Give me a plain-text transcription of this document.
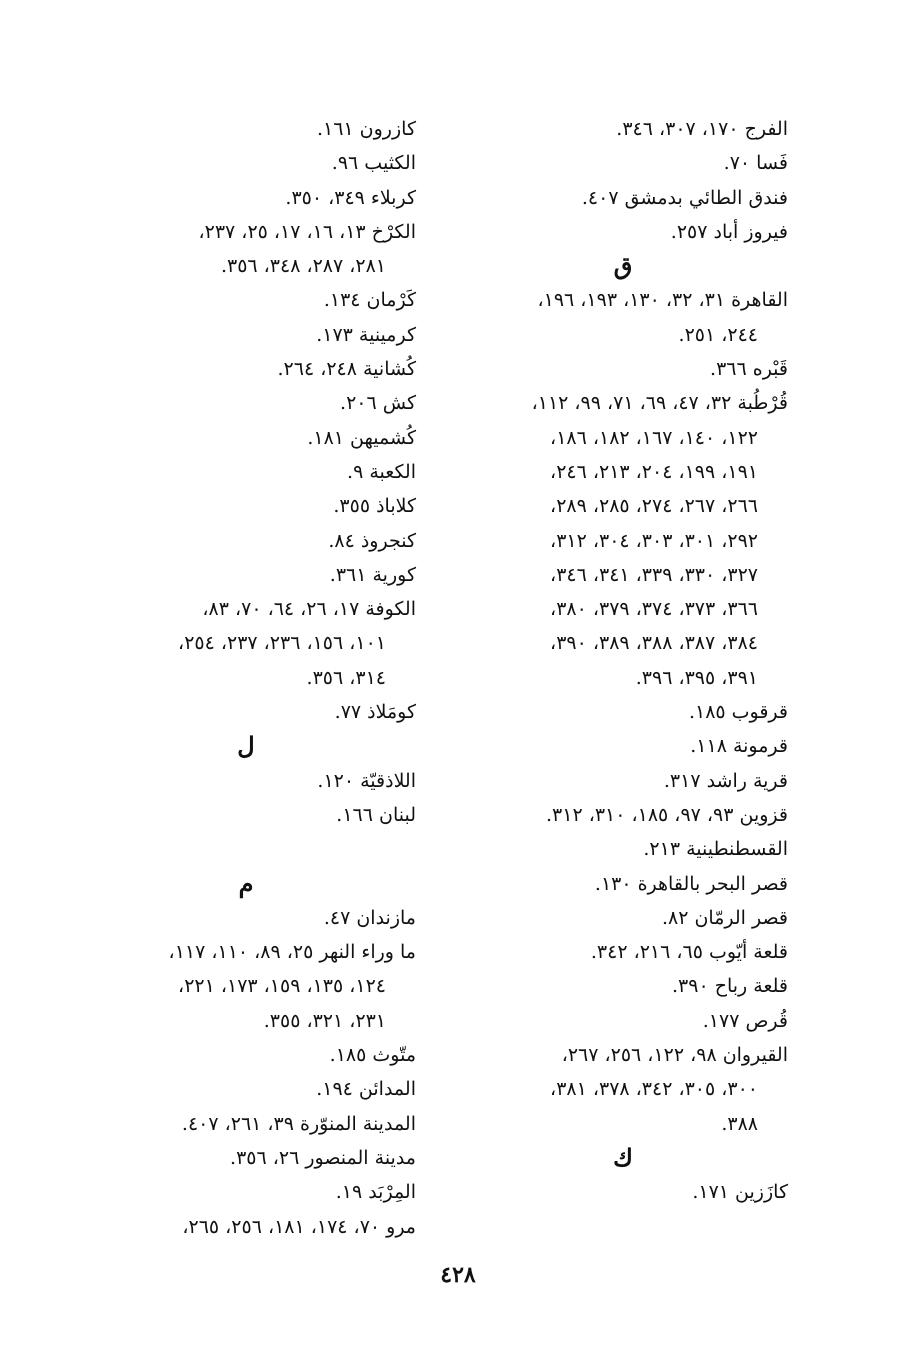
الفرج ١٧٠، ٣٠٧، ٣٤٦.
فَسا ٧٠.
فندق الطائي بدمشق ٤٠٧.
فيروز أباد ٢٥٧.
ق
القاهرة ٣١، ٣٢، ١٣٠، ١٩٣، ١٩٦،
٢٤٤، ٢٥١.
قَبْره ٣٦٦.
قُرْطُبة ٣٢، ٤٧، ٦٩، ٧١، ٩٩، ١١٢،
١٢٢، ١٤٠، ١٦٧، ١٨٢، ١٨٦،
١٩١، ١٩٩، ٢٠٤، ٢١٣، ٢٤٦،
٢٦٦، ٢٦٧، ٢٧٤، ٢٨٥، ٢٨٩،
٢٩٢، ٣٠١، ٣٠٣، ٣٠٤، ٣١٢،
٣٢٧، ٣٣٠، ٣٣٩، ٣٤١، ٣٤٦،
٣٦٦، ٣٧٣، ٣٧٤، ٣٧٩، ٣٨٠،
٣٨٤، ٣٨٧، ٣٨٨، ٣٨٩، ٣٩٠،
٣٩١، ٣٩٥، ٣٩٦.
قرقوب ١٨٥.
قرمونة ١١٨.
قرية راشد ٣١٧.
قزوين ٩٣، ٩٧، ١٨٥، ٣١٠، ٣١٢.
القسطنطينية ٢١٣.
قصر البحر بالقاهرة ١٣٠.
قصر الرمّان ٨٢.
قلعة أيّوب ٦٥، ٢١٦، ٣٤٢.
قلعة رباح ٣٩٠.
قُرص ١٧٧.
القيروان ٩٨، ١٢٢، ٢٥٦، ٢٦٧،
٣٠٠، ٣٠٥، ٣٤٢، ٣٧٨، ٣٨١،
٣٨٨.
ك
كازَزين ١٧١.
كازرون ١٦١.
الكثيب ٩٦.
كربلاء ٣٤٩، ٣٥٠.
الكرْخ ١٣، ١٦، ١٧، ٢٥، ٢٣٧،
٢٨١، ٢٨٧، ٣٤٨، ٣٥٦.
كَرْمان ١٣٤.
كرمينية ١٧٣.
كُشانية ٢٤٨، ٢٦٤.
كش ٢٠٦.
كُشميهن ١٨١.
الكعبة ٩.
كلاباذ ٣٥٥.
كنجروذ ٨٤.
كورية ٣٦١.
الكوفة ١٧، ٢٦، ٦٤، ٧٠، ٨٣،
١٠١، ١٥٦، ٢٣٦، ٢٣٧، ٢٥٤،
٣١٤، ٣٥٦.
كومَلاذ ٧٧.
ل
اللاذقيّة ١٢٠.
لبنان ١٦٦.
م
مازندان ٤٧.
ما وراء النهر ٢٥، ٨٩، ١١٠، ١١٧،
١٢٤، ١٣٥، ١٥٩، ١٧٣، ٢٢١،
٢٣١، ٣٢١، ٣٥٥.
متّوث ١٨٥.
المدائن ١٩٤.
المدينة المنوّرة ٣٩، ٢٦١، ٤٠٧.
مدينة المنصور ٢٦، ٣٥٦.
المِرْبَد ١٩.
مرو ٧٠، ١٧٤، ١٨١، ٢٥٦، ٢٦٥،
٤٢٨
